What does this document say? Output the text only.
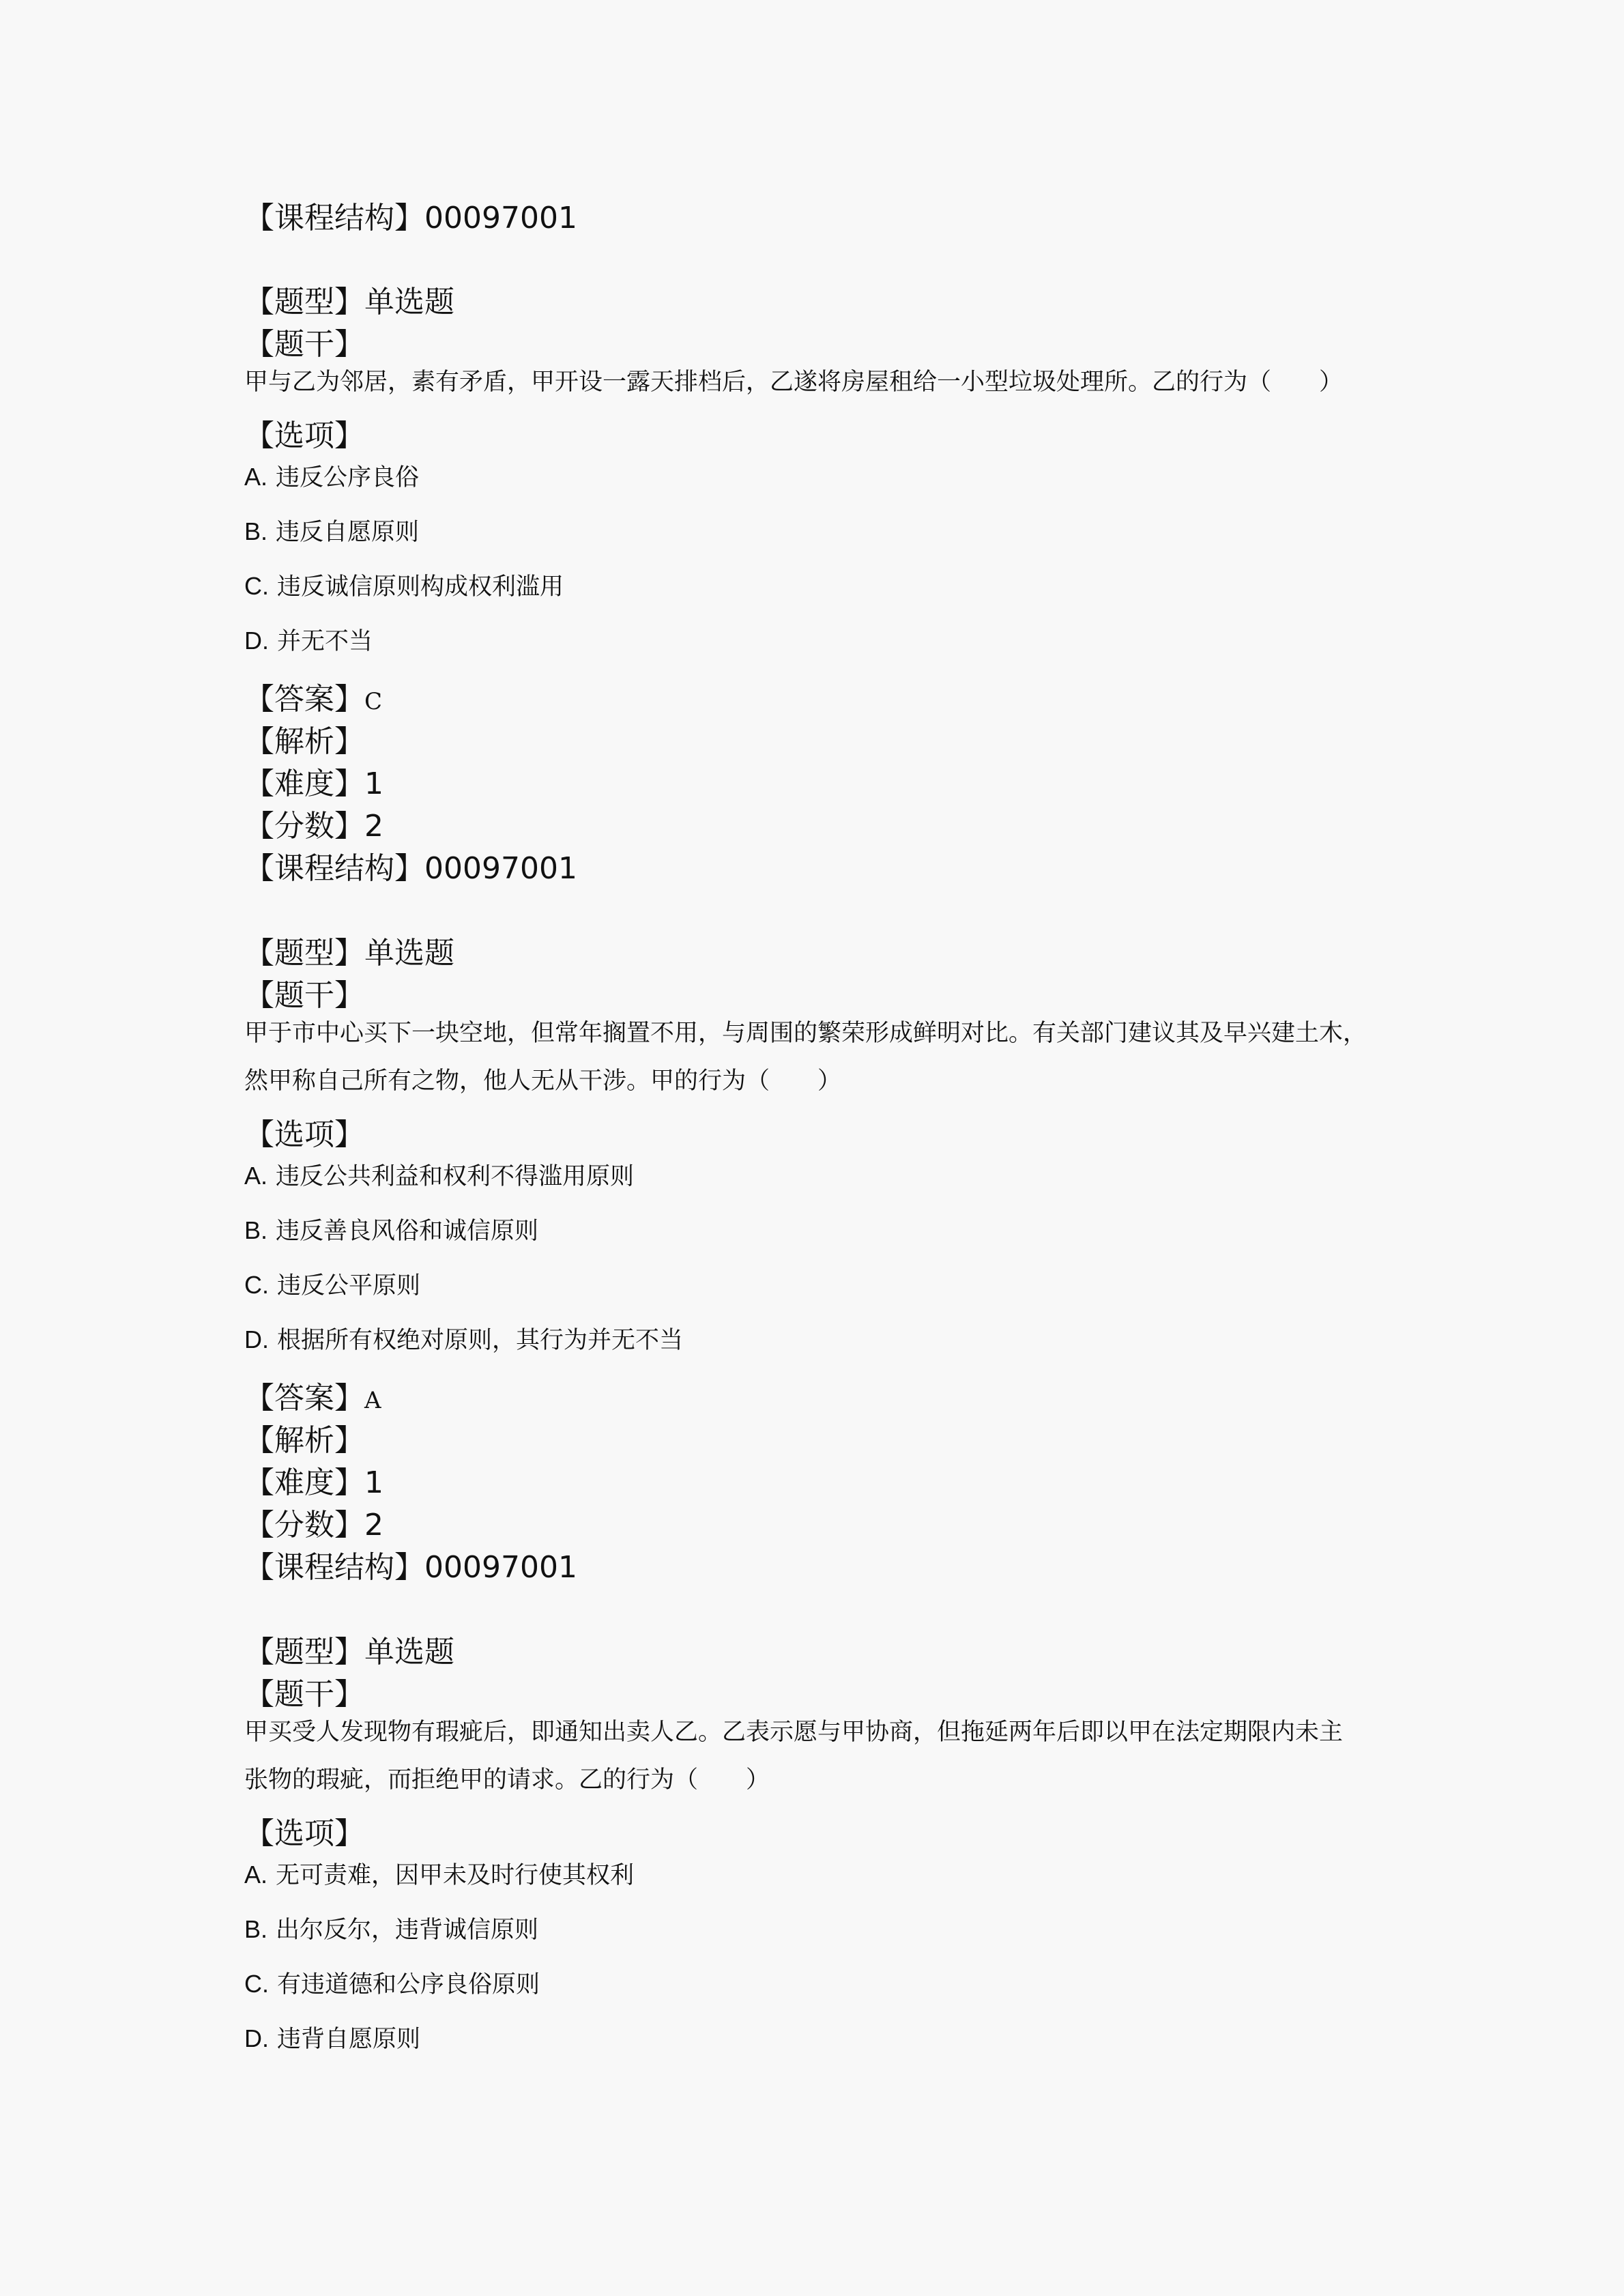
【课程结构】00097001
【题型】单选题
【题干】
甲与乙为邻居，素有矛盾，甲开设一露天排档后，乙遂将房屋租给一小型垃圾处理所。乙的行为（　　）
【选项】
A. 违反公序良俗
B. 违反自愿原则
C. 违反诚信原则构成权利滥用
D. 并无不当
【答案】C
【解析】
【难度】1
【分数】2
【课程结构】00097001
【题型】单选题
【题干】
甲于市中心买下一块空地，但常年搁置不用，与周围的繁荣形成鲜明对比。有关部门建议其及早兴建土木，
然甲称自己所有之物，他人无从干涉。甲的行为（　　）
【选项】
A. 违反公共利益和权利不得滥用原则
B. 违反善良风俗和诚信原则
C. 违反公平原则
D. 根据所有权绝对原则，其行为并无不当
【答案】A
【解析】
【难度】1
【分数】2
【课程结构】00097001
【题型】单选题
【题干】
甲买受人发现物有瑕疵后，即通知出卖人乙。乙表示愿与甲协商，但拖延两年后即以甲在法定期限内未主
张物的瑕疵，而拒绝甲的请求。乙的行为（　　）
【选项】
A. 无可责难，因甲未及时行使其权利
B. 出尔反尔，违背诚信原则
C. 有违道德和公序良俗原则
D. 违背自愿原则
